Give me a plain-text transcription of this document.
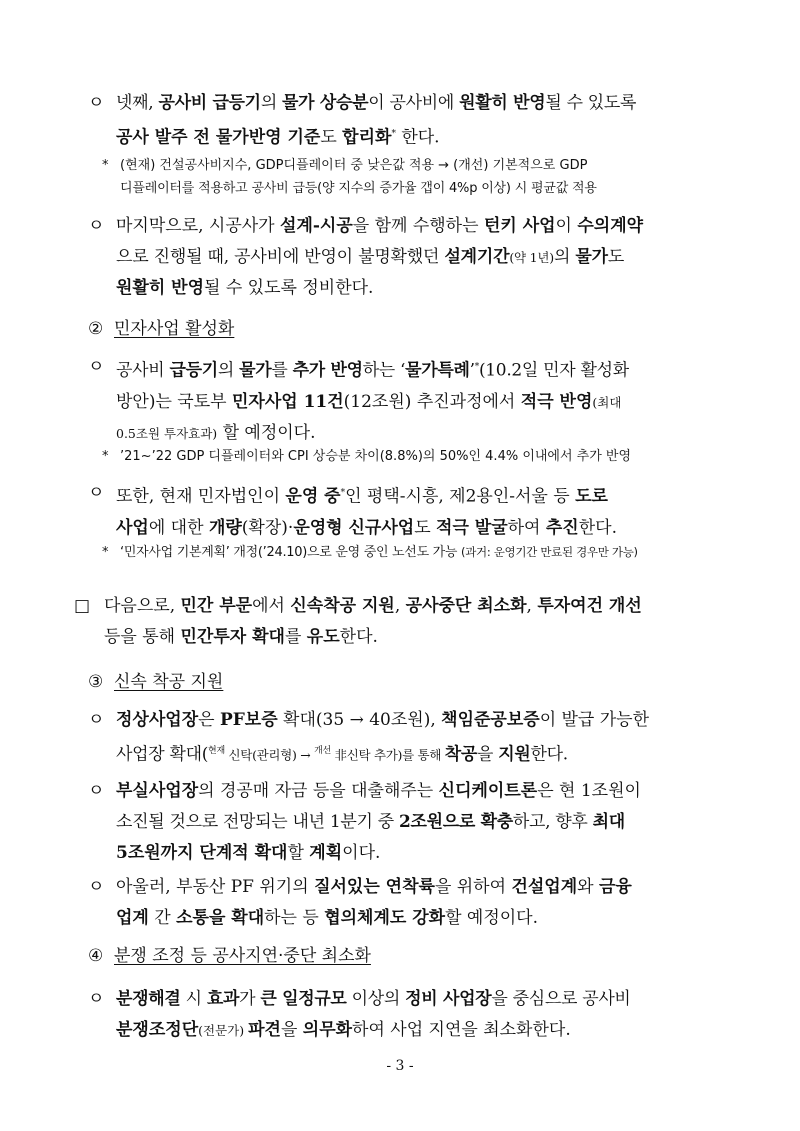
ㅇ 넷째, 공사비 급등기의 물가 상승분이 공사비에 원활히 반영될 수 있도록
공사 발주 전 물가반영 기준도 합리화* 한다.
* (현재) 건설공사비지수, GDP디플레이터 중 낮은값 적용 → (개선) 기본적으로 GDP
디플레이터를 적용하고 공사비 급등(양 지수의 증가율 갭이 4%p 이상) 시 평균값 적용
ㅇ 마지막으로, 시공사가 설계-시공을 함께 수행하는 턴키 사업이 수의계약
으로 진행될 때, 공사비에 반영이 불명확했던 설계기간(약 1년)의 물가도
원활히 반영될 수 있도록 정비한다.
② 민자사업 활성화
ㅇ 공사비 급등기의 물가를 추가 반영하는 ‘물가특례’*(10.2일 민자 활성화
방안)는 국토부 민자사업 11건(12조원) 추진과정에서 적극 반영(최대
0.5조원 투자효과) 할 예정이다.
* ’21~’22 GDP 디플레이터와 CPI 상승분 차이(8.8%)의 50%인 4.4% 이내에서 추가 반영
ㅇ 또한, 현재 민자법인이 운영 중*인 평택-시흥, 제2용인-서울 등 도로
사업에 대한 개량(확장)·운영형 신규사업도 적극 발굴하여 추진한다.
* ‘민자사업 기본계획’ 개정(’24.10)으로 운영 중인 노선도 가능 (과거: 운영기간 만료된 경우만 가능)
□ 다음으로, 민간 부문에서 신속착공 지원, 공사중단 최소화, 투자여건 개선
등을 통해 민간투자 확대를 유도한다.
③ 신속 착공 지원
ㅇ 정상사업장은 PF보증 확대(35 → 40조원), 책임준공보증이 발급 가능한
사업장 확대($^{현재}$ 신탁(관리형) → $^{개선}$ 非신탁 추가)를 통해 착공을 지원한다.
ㅇ 부실사업장의 경공매 자금 등을 대출해주는 신디케이트론은 현 1조원이
소진될 것으로 전망되는 내년 1분기 중 2조원으로 확충하고, 향후 최대
5조원까지 단계적 확대할 계획이다.
ㅇ 아울러, 부동산 PF 위기의 질서있는 연착륙을 위하여 건설업계와 금융
업계 간 소통을 확대하는 등 협의체계도 강화할 예정이다.
④ 분쟁 조정 등 공사지연·중단 최소화
ㅇ 분쟁해결 시 효과가 큰 일정규모 이상의 정비 사업장을 중심으로 공사비
분쟁조정단(전문가) 파견을 의무화하여 사업 지연을 최소화한다.
- 3 -
